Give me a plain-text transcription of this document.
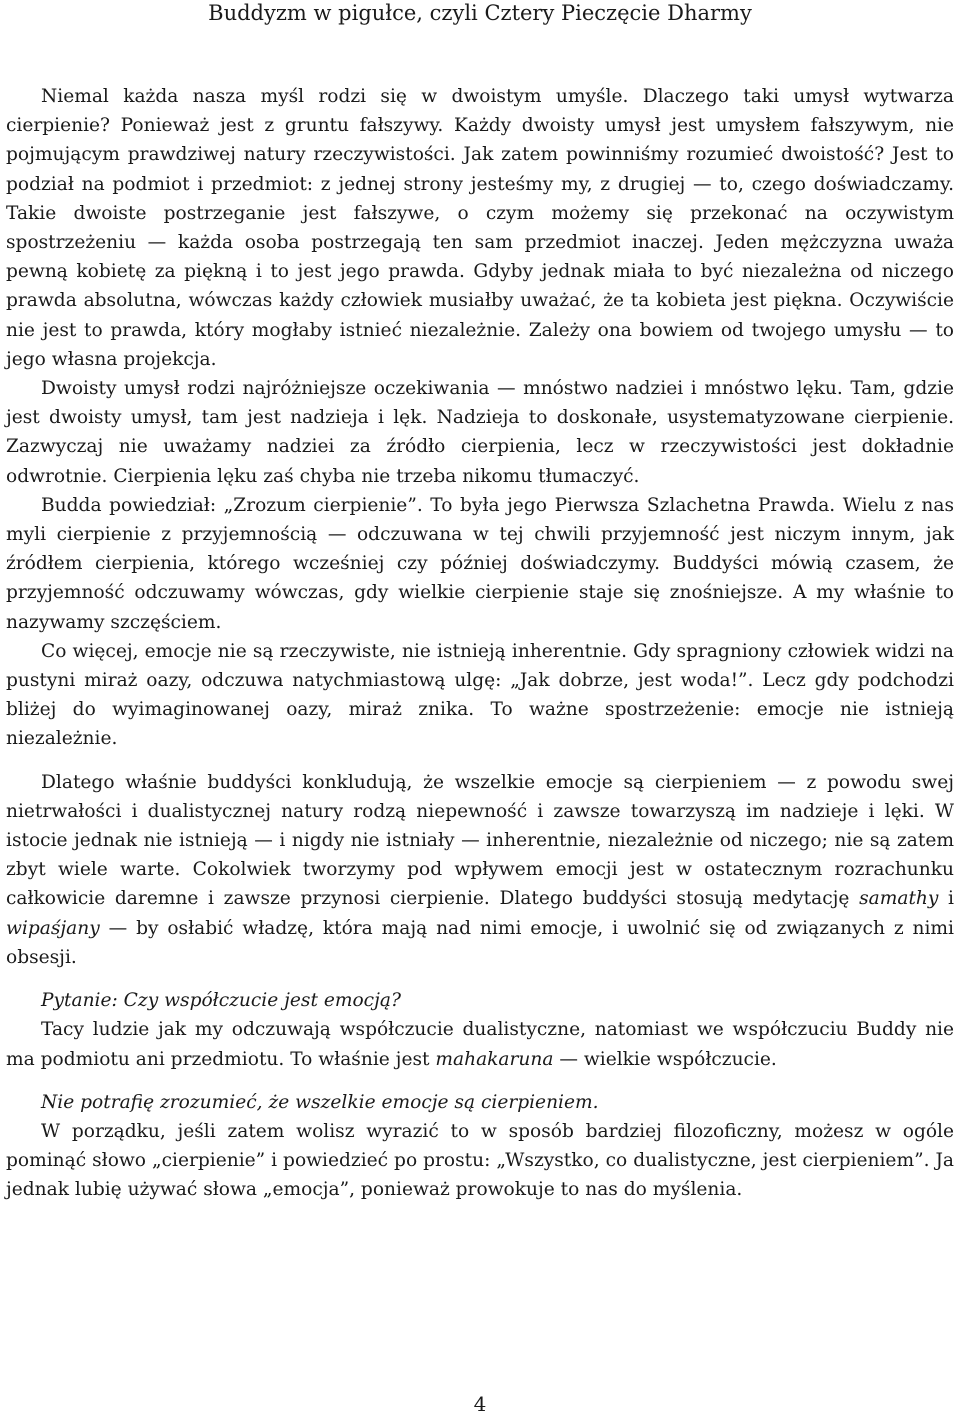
Buddyzm w pigułce, czyli Cztery Pieczęcie Dharmy

Niemal każda nasza myśl rodzi się w dwoistym umyśle. Dlaczego taki umysł wytwarza cierpienie? Ponieważ jest z gruntu fałszywy. Każdy dwoisty umysł jest umysłem fałszywym, nie pojmującym prawdziwej natury rzeczywistości. Jak zatem powinniśmy rozumieć dwoistość? Jest to podział na podmiot i przedmiot: z jednej strony jesteśmy my, z drugiej — to, czego doświadczamy. Takie dwoiste postrzeganie jest fałszywe, o czym możemy się przekonać na oczywistym spostrzeżeniu — każda osoba postrzegają ten sam przedmiot inaczej. Jeden mężczyzna uważa pewną kobietę za piękną i to jest jego prawda. Gdyby jednak miała to być niezależna od niczego prawda absolutna, wówczas każdy człowiek musiałby uważać, że ta kobieta jest piękna. Oczywiście nie jest to prawda, który mogłaby istnieć niezależnie. Zależy ona bowiem od twojego umysłu — to jego własna projekcja.

Dwoisty umysł rodzi najróżniejsze oczekiwania — mnóstwo nadziei i mnóstwo lęku. Tam, gdzie jest dwoisty umysł, tam jest nadzieja i lęk. Nadzieja to doskonałe, usystematyzowane cierpienie. Zazwyczaj nie uważamy nadziei za źródło cierpienia, lecz w rzeczywistości jest dokładnie odwrotnie. Cierpienia lęku zaś chyba nie trzeba nikomu tłumaczyć.

Budda powiedział: „Zrozum cierpienie”. To była jego Pierwsza Szlachetna Prawda. Wielu z nas myli cierpienie z przyjemnością — odczuwana w tej chwili przyjemność jest niczym innym, jak źródłem cierpienia, którego wcześniej czy później doświadczymy. Buddyści mówią czasem, że przyjemność odczuwamy wówczas, gdy wielkie cierpienie staje się znośniejsze. A my właśnie to nazywamy szczęściem.

Co więcej, emocje nie są rzeczywiste, nie istnieją inherentnie. Gdy spragniony człowiek widzi na pustyni miraż oazy, odczuwa natychmiastową ulgę: „Jak dobrze, jest woda!”. Lecz gdy podchodzi bliżej do wyimaginowanej oazy, miraż znika. To ważne spostrzeżenie: emocje nie istnieją niezależnie.

Dlatego właśnie buddyści konkludują, że wszelkie emocje są cierpieniem — z powodu swej nietrwałości i dualistycznej natury rodzą niepewność i zawsze towarzyszą im nadzieje i lęki. W istocie jednak nie istnieją — i nigdy nie istniały — inherentnie, niezależnie od niczego; nie są zatem zbyt wiele warte. Cokolwiek tworzymy pod wpływem emocji jest w ostatecznym rozrachunku całkowicie daremne i zawsze przynosi cierpienie. Dlatego buddyści stosują medytację samathy i wipaśjany — by osłabić władzę, która mają nad nimi emocje, i uwolnić się od związanych z nimi obsesji.

Pytanie: Czy współczucie jest emocją?

Tacy ludzie jak my odczuwają współczucie dualistyczne, natomiast we współczuciu Buddy nie ma podmiotu ani przedmiotu. To właśnie jest mahakaruna — wielkie współczucie.

Nie potrafię zrozumieć, że wszelkie emocje są cierpieniem.

W porządku, jeśli zatem wolisz wyrazić to w sposób bardziej filozoficzny, możesz w ogóle pominąć słowo „cierpienie” i powiedzieć po prostu: „Wszystko, co dualistyczne, jest cierpieniem”. Ja jednak lubię używać słowa „emocja”, ponieważ prowokuje to nas do myślenia.

4
